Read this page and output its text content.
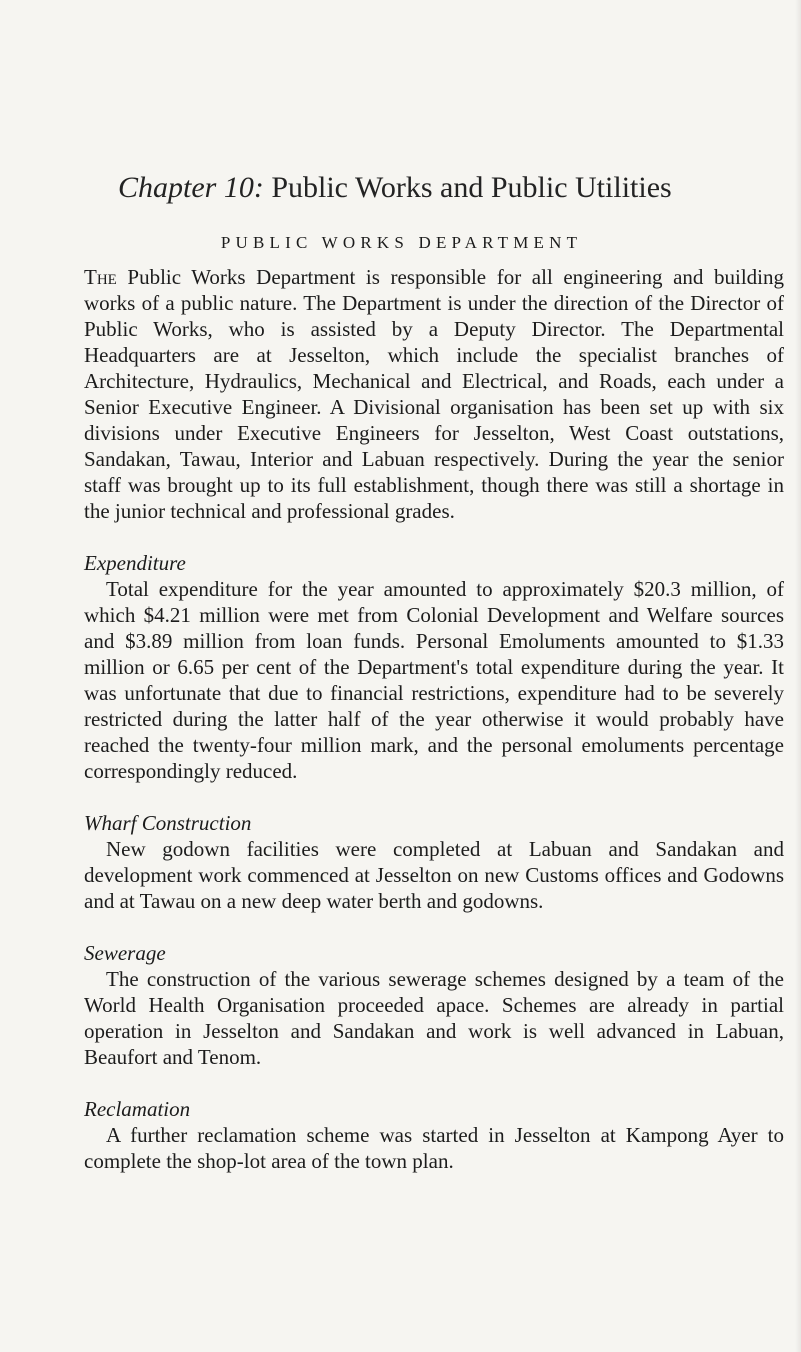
Chapter 10: Public Works and Public Utilities
PUBLIC WORKS DEPARTMENT

The Public Works Department is responsible for all engineering and building works of a public nature. The Department is under the direction of the Director of Public Works, who is assisted by a Deputy Director. The Departmental Headquarters are at Jesselton, which include the specialist branches of Architecture, Hydraulics, Mechanical and Electrical, and Roads, each under a Senior Executive Engineer. A Divisional organisation has been set up with six divisions under Executive Engineers for Jesselton, West Coast outstations, Sandakan, Tawau, Interior and Labuan respectively. During the year the senior staff was brought up to its full establishment, though there was still a shortage in the junior technical and professional grades.

Expenditure

Total expenditure for the year amounted to approximately $20.3 million, of which $4.21 million were met from Colonial Development and Welfare sources and $3.89 million from loan funds. Personal Emoluments amounted to $1.33 million or 6.65 per cent of the Department's total expenditure during the year. It was unfortunate that due to financial restrictions, expenditure had to be severely restricted during the latter half of the year otherwise it would probably have reached the twenty-four million mark, and the personal emoluments percentage correspondingly reduced.

Wharf Construction

New godown facilities were completed at Labuan and Sandakan and development work commenced at Jesselton on new Customs offices and Godowns and at Tawau on a new deep water berth and godowns.

Sewerage

The construction of the various sewerage schemes designed by a team of the World Health Organisation proceeded apace. Schemes are already in partial operation in Jesselton and Sandakan and work is well advanced in Labuan, Beaufort and Tenom.

Reclamation

A further reclamation scheme was started in Jesselton at Kampong Ayer to complete the shop-lot area of the town plan.
